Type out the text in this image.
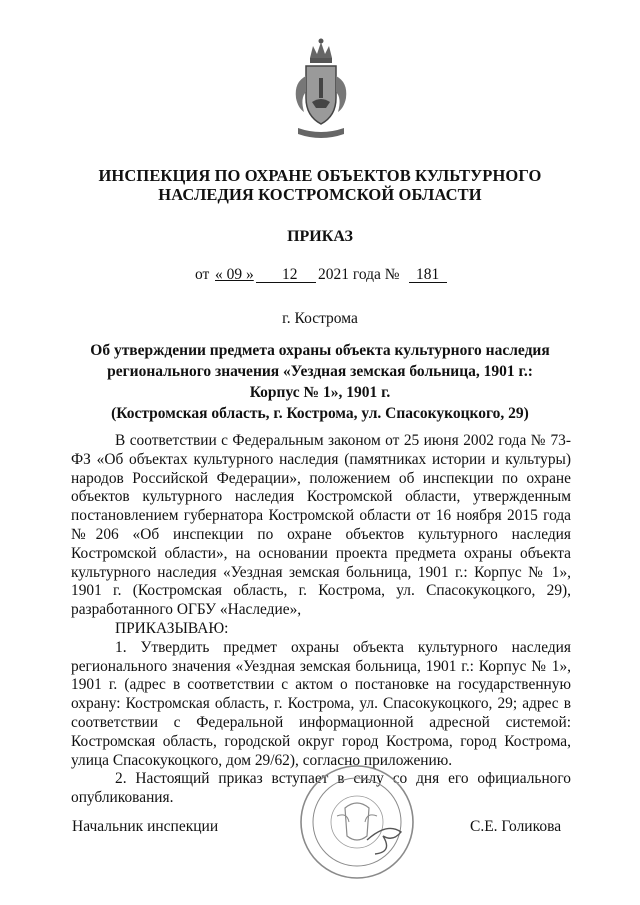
ИНСПЕКЦИЯ ПО ОХРАНЕ ОБЪЕКТОВ КУЛЬТУРНОГО
НАСЛЕДИЯ КОСТРОМСКОЙ ОБЛАСТИ
ПРИКАЗ
от « 09 » 12 2021 года № 181
г. Кострома
Об утверждении предмета охраны объекта культурного наследия
регионального значения «Уездная земская больница, 1901 г.:
Корпус № 1», 1901 г.
(Костромская область, г. Кострома, ул. Спасокукоцкого, 29)

В соответствии с Федеральным законом от 25 июня 2002 года № 73-ФЗ «Об объектах культурного наследия (памятниках истории и культуры) народов Российской Федерации», положением об инспекции по охране объектов культурного наследия Костромской области, утвержденным постановлением губернатора Костромской области от 16 ноября 2015 года №206 «Об инспекции по охране объектов культурного наследия Костромской области», на основании проекта предмета охраны объекта культурного наследия «Уездная земская больница, 1901 г.: Корпус № 1», 1901 г. (Костромская область, г. Кострома, ул. Спасокукоцкого, 29), разработанного ОГБУ «Наследие»,

ПРИКАЗЫВАЮ:

1. Утвердить предмет охраны объекта культурного наследия регионального значения «Уездная земская больница, 1901 г.: Корпус № 1», 1901 г. (адрес в соответствии с актом о постановке на государственную охрану: Костромская область, г. Кострома, ул. Спасокукоцкого, 29; адрес в соответствии с Федеральной информационной адресной системой: Костромская область, городской округ город Кострома, город Кострома, улица Спасокукоцкого, дом 29/62), согласно приложению.

2. Настоящий приказ вступает в силу со дня его официального опубликования.

Начальник инспекции	С.Е. Голикова
